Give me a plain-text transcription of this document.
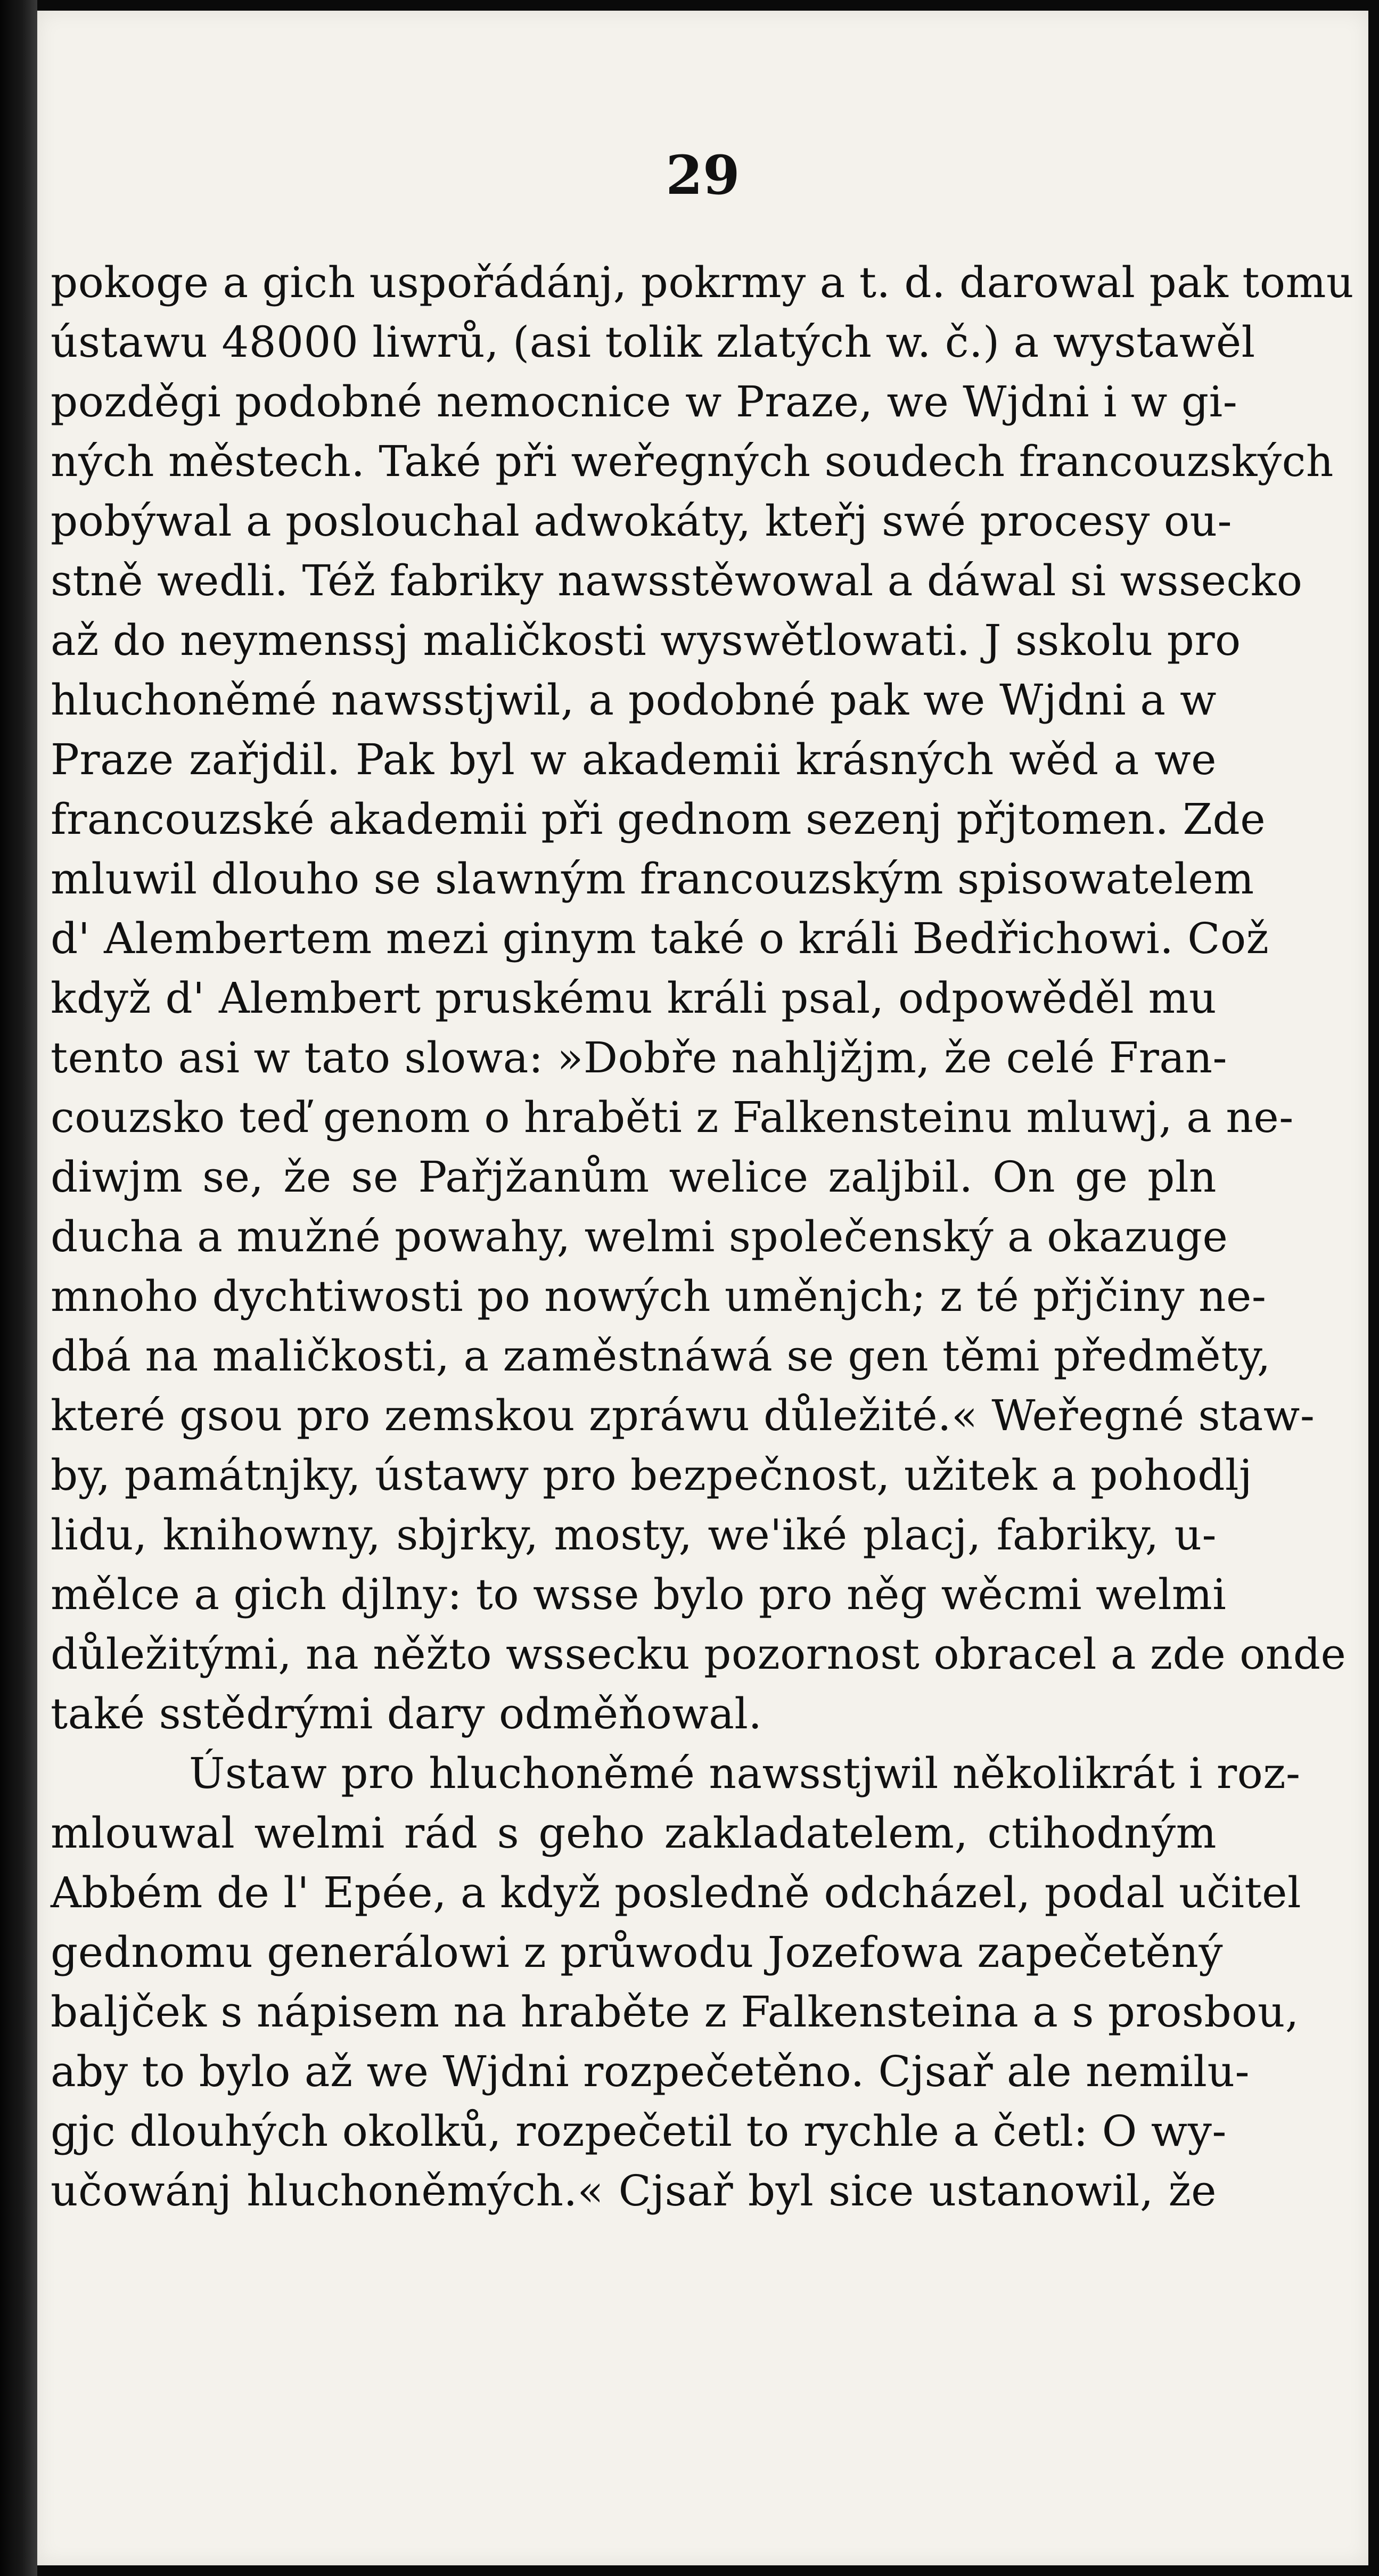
29
pokoge a gich uspořádánj, pokrmy a t. d. darowal pak tomu
ústawu 48000 liwrů, (asi tolik zlatých w. č.) a wystawěl
pozděgi podobné nemocnice w Praze, we Wjdni i w gi-
ných městech. Také při weřegných soudech francouzských
pobýwal a poslouchal adwokáty, kteřj swé procesy ou-
stně wedli. Též fabriky nawsstěwowal a dáwal si wssecko
až do neymenssj maličkosti wyswětlowati. J sskolu pro
hluchoněmé nawsstjwil, a podobné pak we Wjdni a w
Praze zařjdil. Pak byl w akademii krásných wěd a we
francouzské akademii při gednom sezenj přjtomen. Zde
mluwil dlouho se slawným francouzským spisowatelem
d' Alembertem mezi ginym také o králi Bedřichowi. Což
když d' Alembert pruskému králi psal, odpowěděl mu
tento asi w tato slowa: »Dobře nahljžjm, že celé Fran-
couzsko teď genom o hraběti z Falkensteinu mluwj, a ne-
diwjm se, že se Pařjžanům welice zaljbil. On ge pln
ducha a mužné powahy, welmi společenský a okazuge
mnoho dychtiwosti po nowých uměnjch; z té přjčiny ne-
dbá na maličkosti, a zaměstnáwá se gen těmi předměty,
které gsou pro zemskou zpráwu důležité.« Weřegné staw-
by, památnjky, ústawy pro bezpečnost, užitek a pohodlj
lidu, knihowny, sbjrky, mosty, we'iké placj, fabriky, u-
mělce a gich djlny: to wsse bylo pro něg wěcmi welmi
důležitými, na něžto wssecku pozornost obracel a zde onde
také sstědrými dary odměňowal.
Ústaw pro hluchoněmé nawsstjwil několikrát i roz-
mlouwal welmi rád s geho zakladatelem, ctihodným
Abbém de l' Epée, a když posledně odcházel, podal učitel
gednomu generálowi z průwodu Jozefowa zapečetěný
baljček s nápisem na hraběte z Falkensteina a s prosbou,
aby to bylo až we Wjdni rozpečetěno. Cjsař ale nemilu-
gjc dlouhých okolků, rozpečetil to rychle a četl: O wy-
učowánj hluchoněmých.« Cjsař byl sice ustanowil, že
